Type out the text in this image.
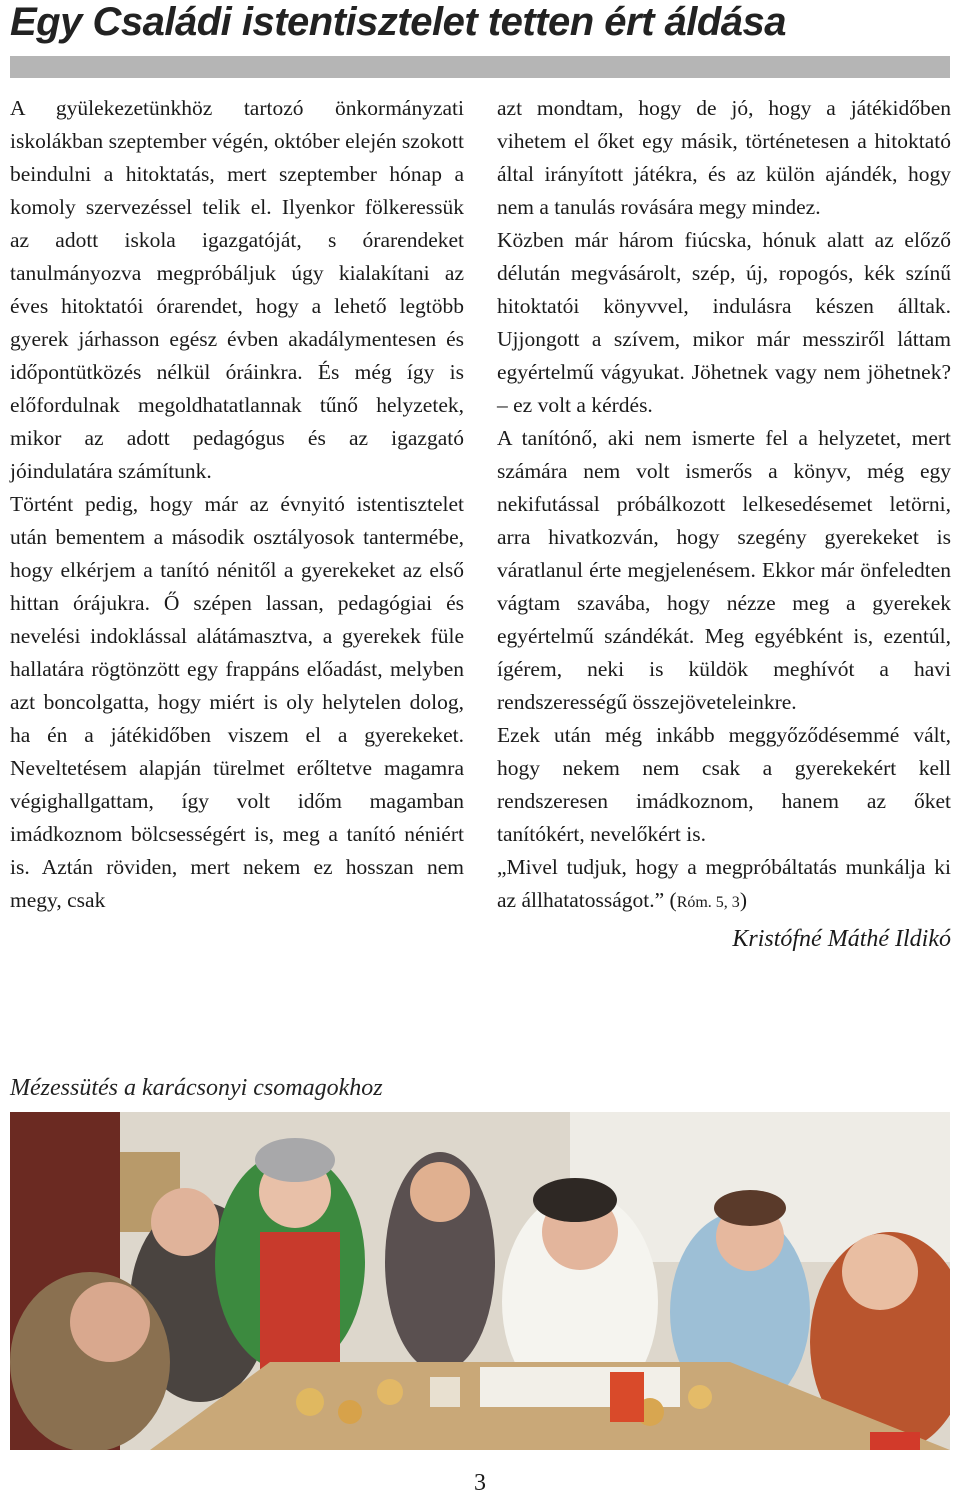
Egy Családi istentisztelet tetten ért áldása

A gyülekezetünkhöz tartozó önkormányzati iskolákban szeptember végén, október elején szokott beindulni a hitoktatás, mert szeptember hónap a komoly szervezéssel telik el. Ilyenkor fölkeressük az adott iskola igazgatóját, s órarendeket tanulmányozva megpróbáljuk úgy kialakítani az éves hitoktatói órarendet, hogy a lehető legtöbb gyerek járhasson egész évben akadálymentesen és időpontütközés nélkül óráinkra. És még így is előfordulnak megoldhatatlannak tűnő helyzetek, mikor az adott pedagógus és az igazgató jóindulatára számítunk.

Történt pedig, hogy már az évnyitó istentisztelet után bementem a második osztályosok tantermébe, hogy elkérjem a tanító nénitől a gyerekeket az első hittan órájukra. Ő szépen lassan, pedagógiai és nevelési indoklással alátámasztva, a gyerekek füle hallatára rögtönzött egy frappáns előadást, melyben azt boncolgatta, hogy miért is oly helytelen dolog, ha én a játékidőben viszem el a gyerekeket. Neveltetésem alapján türelmet erőltetve magamra végighallgattam, így volt időm magamban imádkoznom bölcsességért is, meg a tanító néniért is. Aztán röviden, mert nekem ez hosszan nem megy, csak

azt mondtam, hogy de jó, hogy a játékidőben vihetem el őket egy másik, történetesen a hitoktató által irányított játékra, és az külön ajándék, hogy nem a tanulás rovására megy mindez.

Közben már három fiúcska, hónuk alatt az előző délután megvásárolt, szép, új, ropogós, kék színű hitoktatói könyvvel, indulásra készen álltak. Ujjongott a szívem, mikor már messziről láttam egyértelmű vágyukat. Jöhetnek vagy nem jöhetnek? – ez volt a kérdés.

A tanítónő, aki nem ismerte fel a helyzetet, mert számára nem volt ismerős a könyv, még egy nekifutással próbálkozott lelkesedésemet letörni, arra hivatkozván, hogy szegény gyerekeket is váratlanul érte megjelenésem. Ekkor már önfeledten vágtam szavába, hogy nézze meg a gyerekek egyértelmű szándékát. Meg egyébként is, ezentúl, ígérem, neki is küldök meghívót a havi rendszerességű összejöveteleinkre.

Ezek után még inkább meggyőződésemmé vált, hogy nekem nem csak a gyerekekért kell rendszeresen imádkoznom, hanem az őket tanítókért, nevelőkért is.

„Mivel tudjuk, hogy a megpróbáltatás munkálja ki az állhatatosságot.” (Róm. 5, 3)

Kristófné Máthé Ildikó

Mézessütés a karácsonyi csomagokhoz
3
